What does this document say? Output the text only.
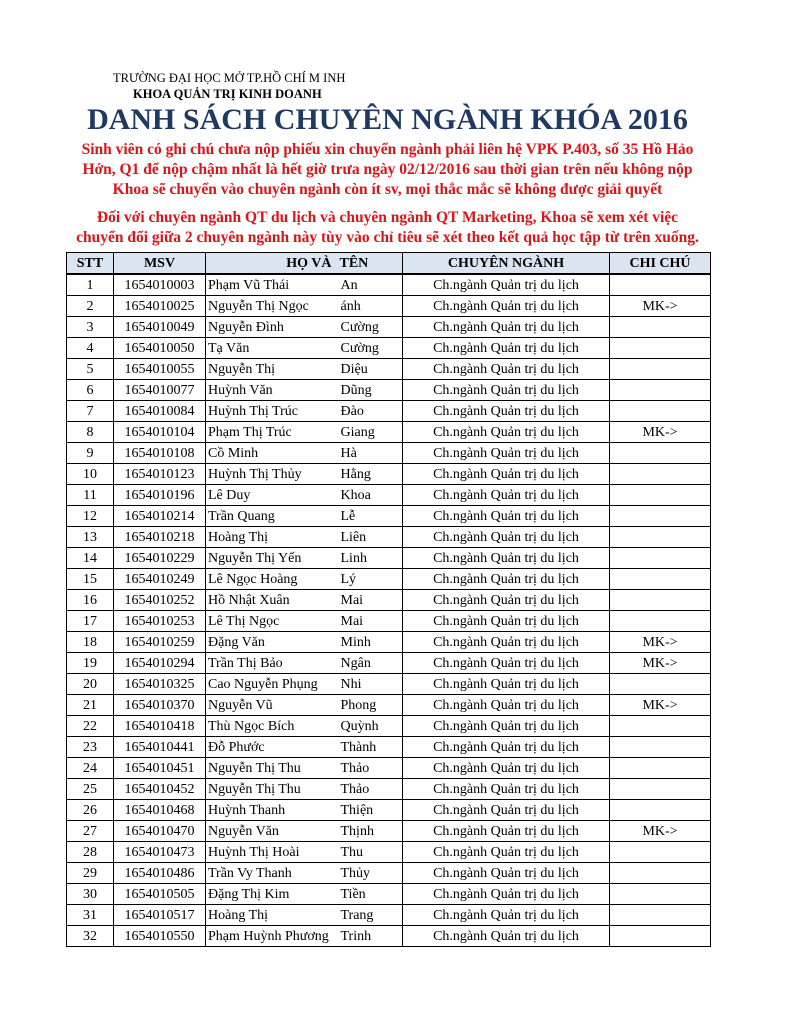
TRƯỜNG ĐẠI HỌC MỞ TP.HỒ CHÍ M INH
KHOA QUẢN TRỊ KINH DOANH
DANH SÁCH CHUYÊN NGÀNH KHÓA 2016
Sinh viên có ghi chú chưa nộp phiếu xin chuyển ngành phải liên hệ VPK P.403, số 35 Hồ Hảo
Hớn, Q1 để nộp chậm nhất là hết giờ trưa ngày 02/12/2016 sau thời gian trên nếu không nộp
Khoa sẽ chuyển vào chuyên ngành còn ít sv, mọi thắc mắc sẽ không được giải quyết
Đối với chuyên ngành QT du lịch và chuyên ngành QT Marketing, Khoa sẽ xem xét việc
chuyển đổi giữa 2 chuyên ngành này tùy vào chỉ tiêu sẽ xét theo kết quả học tập từ trên xuống.
STT	MSV	HỌ VÀ	TÊN	CHUYÊN NGÀNH	CHI CHÚ
1	1654010003	Phạm Vũ Thái	An	Ch.ngành Quản trị du lịch	
2	1654010025	Nguyễn Thị Ngọc	ánh	Ch.ngành Quản trị du lịch	MK->
3	1654010049	Nguyễn Đình	Cường	Ch.ngành Quản trị du lịch	
4	1654010050	Tạ Văn	Cường	Ch.ngành Quản trị du lịch	
5	1654010055	Nguyễn Thị	Diệu	Ch.ngành Quản trị du lịch	
6	1654010077	Huỳnh Văn	Dũng	Ch.ngành Quản trị du lịch	
7	1654010084	Huỳnh Thị Trúc	Đào	Ch.ngành Quản trị du lịch	
8	1654010104	Phạm Thị Trúc	Giang	Ch.ngành Quản trị du lịch	MK->
9	1654010108	Cồ Minh	Hà	Ch.ngành Quản trị du lịch	
10	1654010123	Huỳnh Thị Thủy	Hằng	Ch.ngành Quản trị du lịch	
11	1654010196	Lê Duy	Khoa	Ch.ngành Quản trị du lịch	
12	1654010214	Trần Quang	Lễ	Ch.ngành Quản trị du lịch	
13	1654010218	Hoàng Thị	Liên	Ch.ngành Quản trị du lịch	
14	1654010229	Nguyễn Thị Yến	Linh	Ch.ngành Quản trị du lịch	
15	1654010249	Lê Ngọc Hoàng	Lý	Ch.ngành Quản trị du lịch	
16	1654010252	Hồ Nhật Xuân	Mai	Ch.ngành Quản trị du lịch	
17	1654010253	Lê Thị Ngọc	Mai	Ch.ngành Quản trị du lịch	
18	1654010259	Đặng Văn	Minh	Ch.ngành Quản trị du lịch	MK->
19	1654010294	Trần Thị Bảo	Ngân	Ch.ngành Quản trị du lịch	MK->
20	1654010325	Cao Nguyễn Phụng	Nhi	Ch.ngành Quản trị du lịch	
21	1654010370	Nguyễn Vũ	Phong	Ch.ngành Quản trị du lịch	MK->
22	1654010418	Thù Ngọc Bích	Quỳnh	Ch.ngành Quản trị du lịch	
23	1654010441	Đỗ Phước	Thành	Ch.ngành Quản trị du lịch	
24	1654010451	Nguyễn Thị Thu	Thảo	Ch.ngành Quản trị du lịch	
25	1654010452	Nguyễn Thị Thu	Thảo	Ch.ngành Quản trị du lịch	
26	1654010468	Huỳnh Thanh	Thiện	Ch.ngành Quản trị du lịch	
27	1654010470	Nguyễn Văn	Thịnh	Ch.ngành Quản trị du lịch	MK->
28	1654010473	Huỳnh Thị Hoài	Thu	Ch.ngành Quản trị du lịch	
29	1654010486	Trần Vy Thanh	Thủy	Ch.ngành Quản trị du lịch	
30	1654010505	Đặng Thị Kim	Tiền	Ch.ngành Quản trị du lịch	
31	1654010517	Hoàng Thị	Trang	Ch.ngành Quản trị du lịch	
32	1654010550	Phạm Huỳnh Phương	Trinh	Ch.ngành Quản trị du lịch	
